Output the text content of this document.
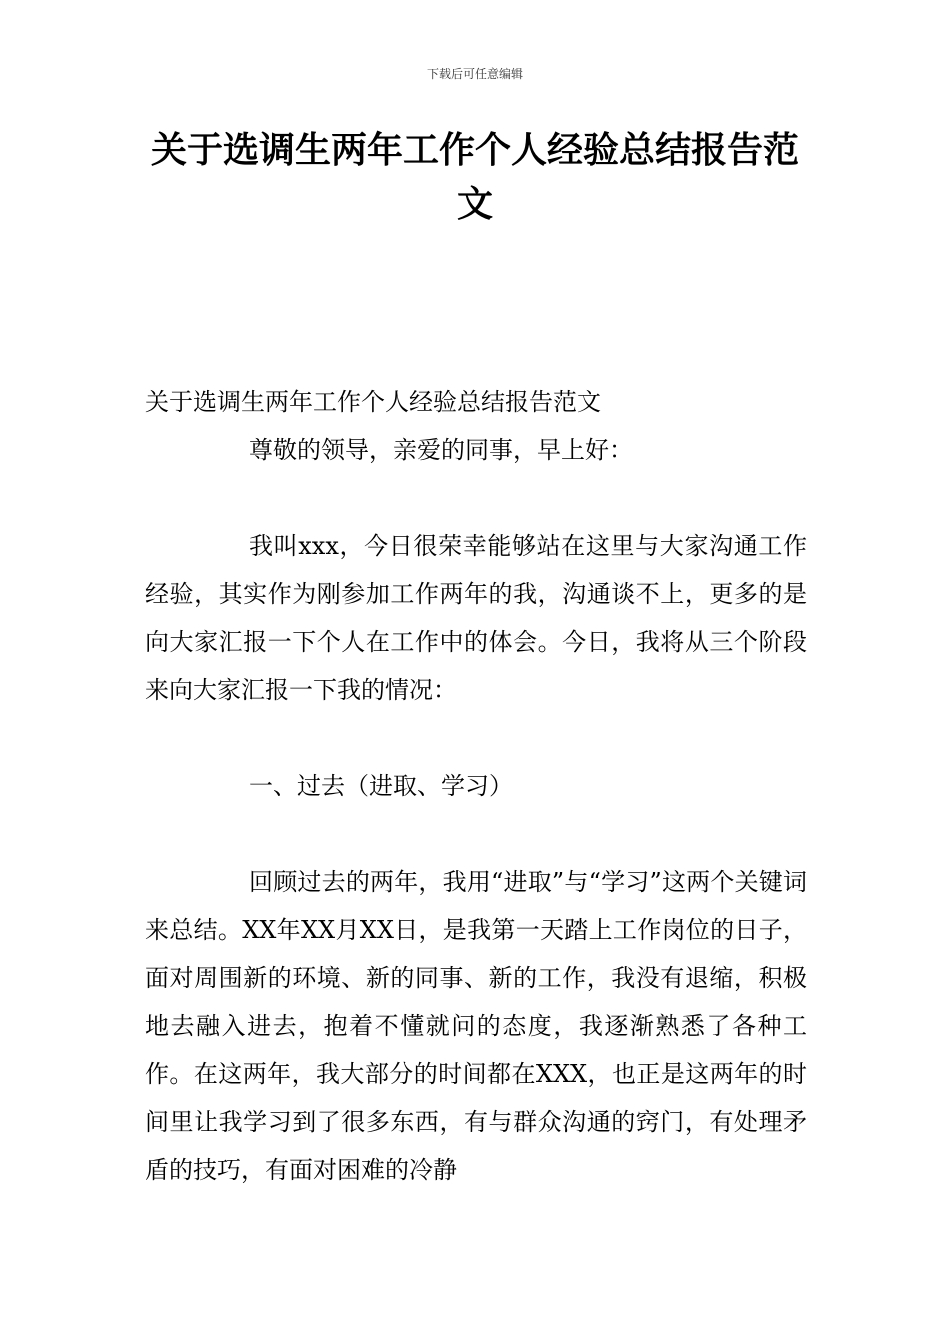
下载后可任意编辑
关于选调生两年工作个人经验总结报告范文

关于选调生两年工作个人经验总结报告范文

尊敬的领导，亲爱的同事，早上好：

我叫xxx，今日很荣幸能够站在这里与大家沟通工作经验，其实作为刚参加工作两年的我，沟通谈不上，更多的是向大家汇报一下个人在工作中的体会。今日，我将从三个阶段来向大家汇报一下我的情况：

一、过去（进取、学习）

回顾过去的两年，我用“进取”与“学习”这两个关键词来总结。XX年XX月XX日，是我第一天踏上工作岗位的日子，面对周围新的环境、新的同事、新的工作，我没有退缩，积极地去融入进去，抱着不懂就问的态度，我逐渐熟悉了各种工作。在这两年，我大部分的时间都在XXX，也正是这两年的时间里让我学习到了很多东西，有与群众沟通的窍门，有处理矛盾的技巧，有面对困难的冷静
